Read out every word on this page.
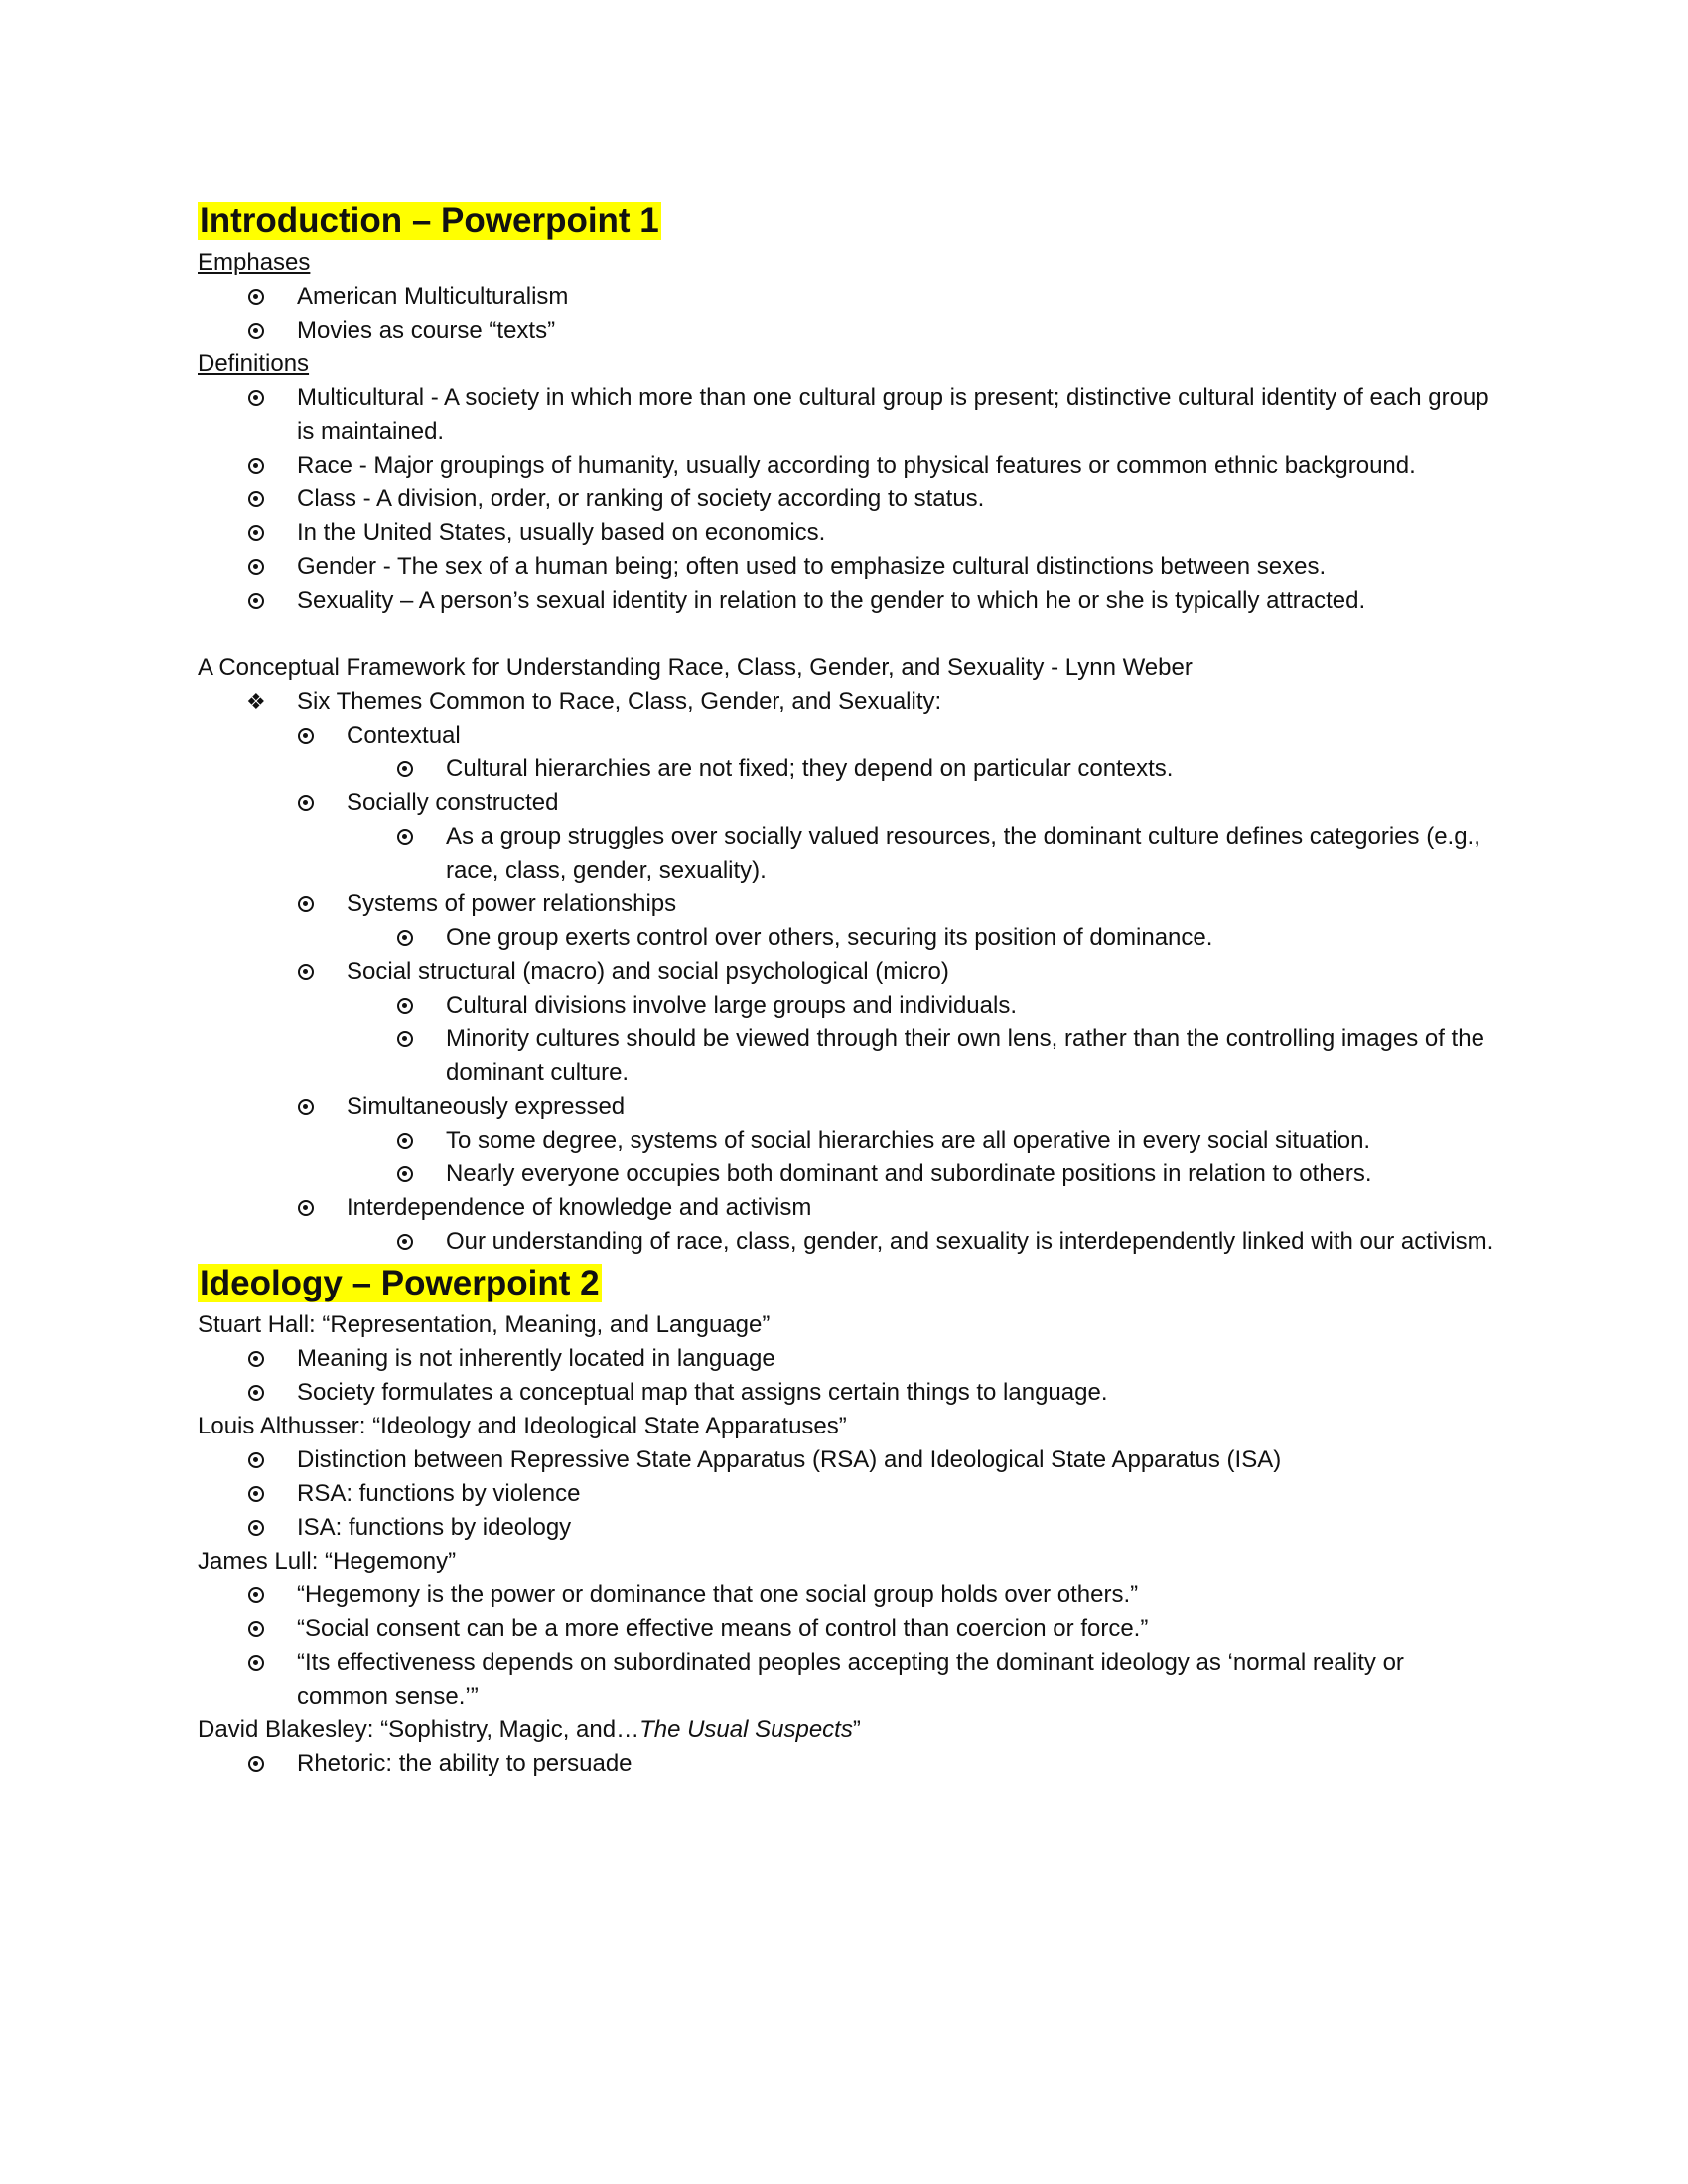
Introduction – Powerpoint 1
Emphases
American Multiculturalism
Movies as course “texts”
Definitions
Multicultural - A society in which more than one cultural group is present; distinctive cultural identity of each group is maintained.
Race - Major groupings of humanity, usually according to physical features or common ethnic background.
Class - A division, order, or ranking of society according to status.
In the United States, usually based on economics.
Gender - The sex of a human being; often used to emphasize cultural distinctions between sexes.
Sexuality – A person’s sexual identity in relation to the gender to which he or she is typically attracted.
A Conceptual Framework for Understanding Race, Class, Gender, and Sexuality - Lynn Weber
❖ Six Themes Common to Race, Class, Gender, and Sexuality:
Contextual
Cultural hierarchies are not fixed; they depend on particular contexts.
Socially constructed
As a group struggles over socially valued resources, the dominant culture defines categories (e.g., race, class, gender, sexuality).
Systems of power relationships
One group exerts control over others, securing its position of dominance.
Social structural (macro) and social psychological (micro)
Cultural divisions involve large groups and individuals.
Minority cultures should be viewed through their own lens, rather than the controlling images of the dominant culture.
Simultaneously expressed
To some degree, systems of social hierarchies are all operative in every social situation.
Nearly everyone occupies both dominant and subordinate positions in relation to others.
Interdependence of knowledge and activism
Our understanding of race, class, gender, and sexuality is interdependently linked with our activism.
Ideology – Powerpoint 2
Stuart Hall: “Representation, Meaning, and Language”
Meaning is not inherently located in language
Society formulates a conceptual map that assigns certain things to language.
Louis Althusser: “Ideology and Ideological State Apparatuses”
Distinction between Repressive State Apparatus (RSA) and Ideological State Apparatus (ISA)
RSA: functions by violence
ISA: functions by ideology
James Lull: “Hegemony”
“Hegemony is the power or dominance that one social group holds over others.”
“Social consent can be a more effective means of control than coercion or force.”
“Its effectiveness depends on subordinated peoples accepting the dominant ideology as ‘normal reality or common sense.’”
David Blakesley: “Sophistry, Magic, and…The Usual Suspects”
Rhetoric: the ability to persuade
